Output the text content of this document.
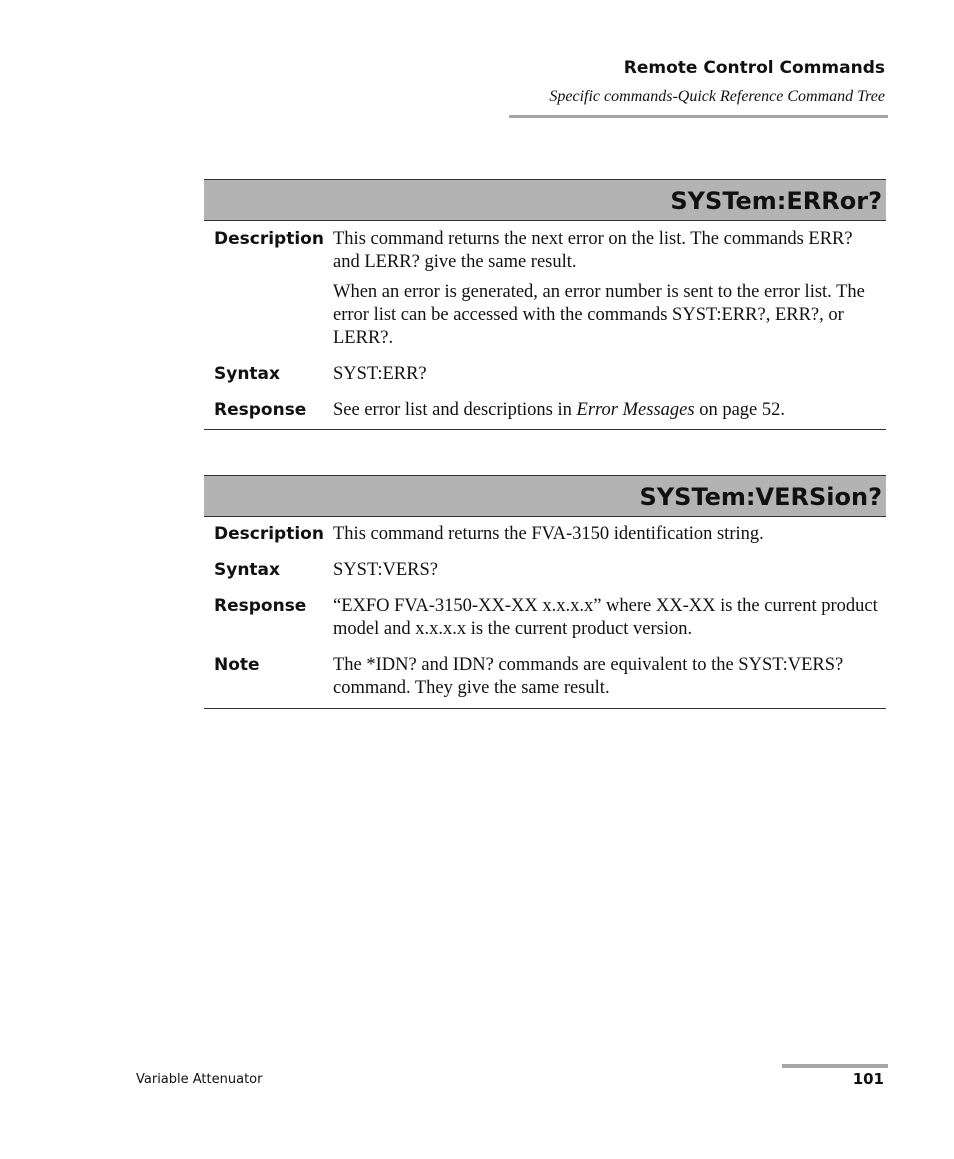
Remote Control Commands
Specific commands-Quick Reference Command Tree
SYSTem:ERRor?
Description This command returns the next error on the list. The commands ERR? and LERR? give the same result.

When an error is generated, an error number is sent to the error list. The error list can be accessed with the commands SYST:ERR?, ERR?, or LERR?.

Syntax	SYST:ERR?
Response	See error list and descriptions in Error Messages on page 52.
SYSTem:VERSion?
Description This command returns the FVA-3150 identification string.
Syntax	SYST:VERS?
Response	“EXFO FVA-3150-XX-XX x.x.x.x” where XX-XX is the current product model and x.x.x.x is the current product version.
Note	The *IDN? and IDN? commands are equivalent to the SYST:VERS? command. They give the same result.
Variable Attenuator	101
